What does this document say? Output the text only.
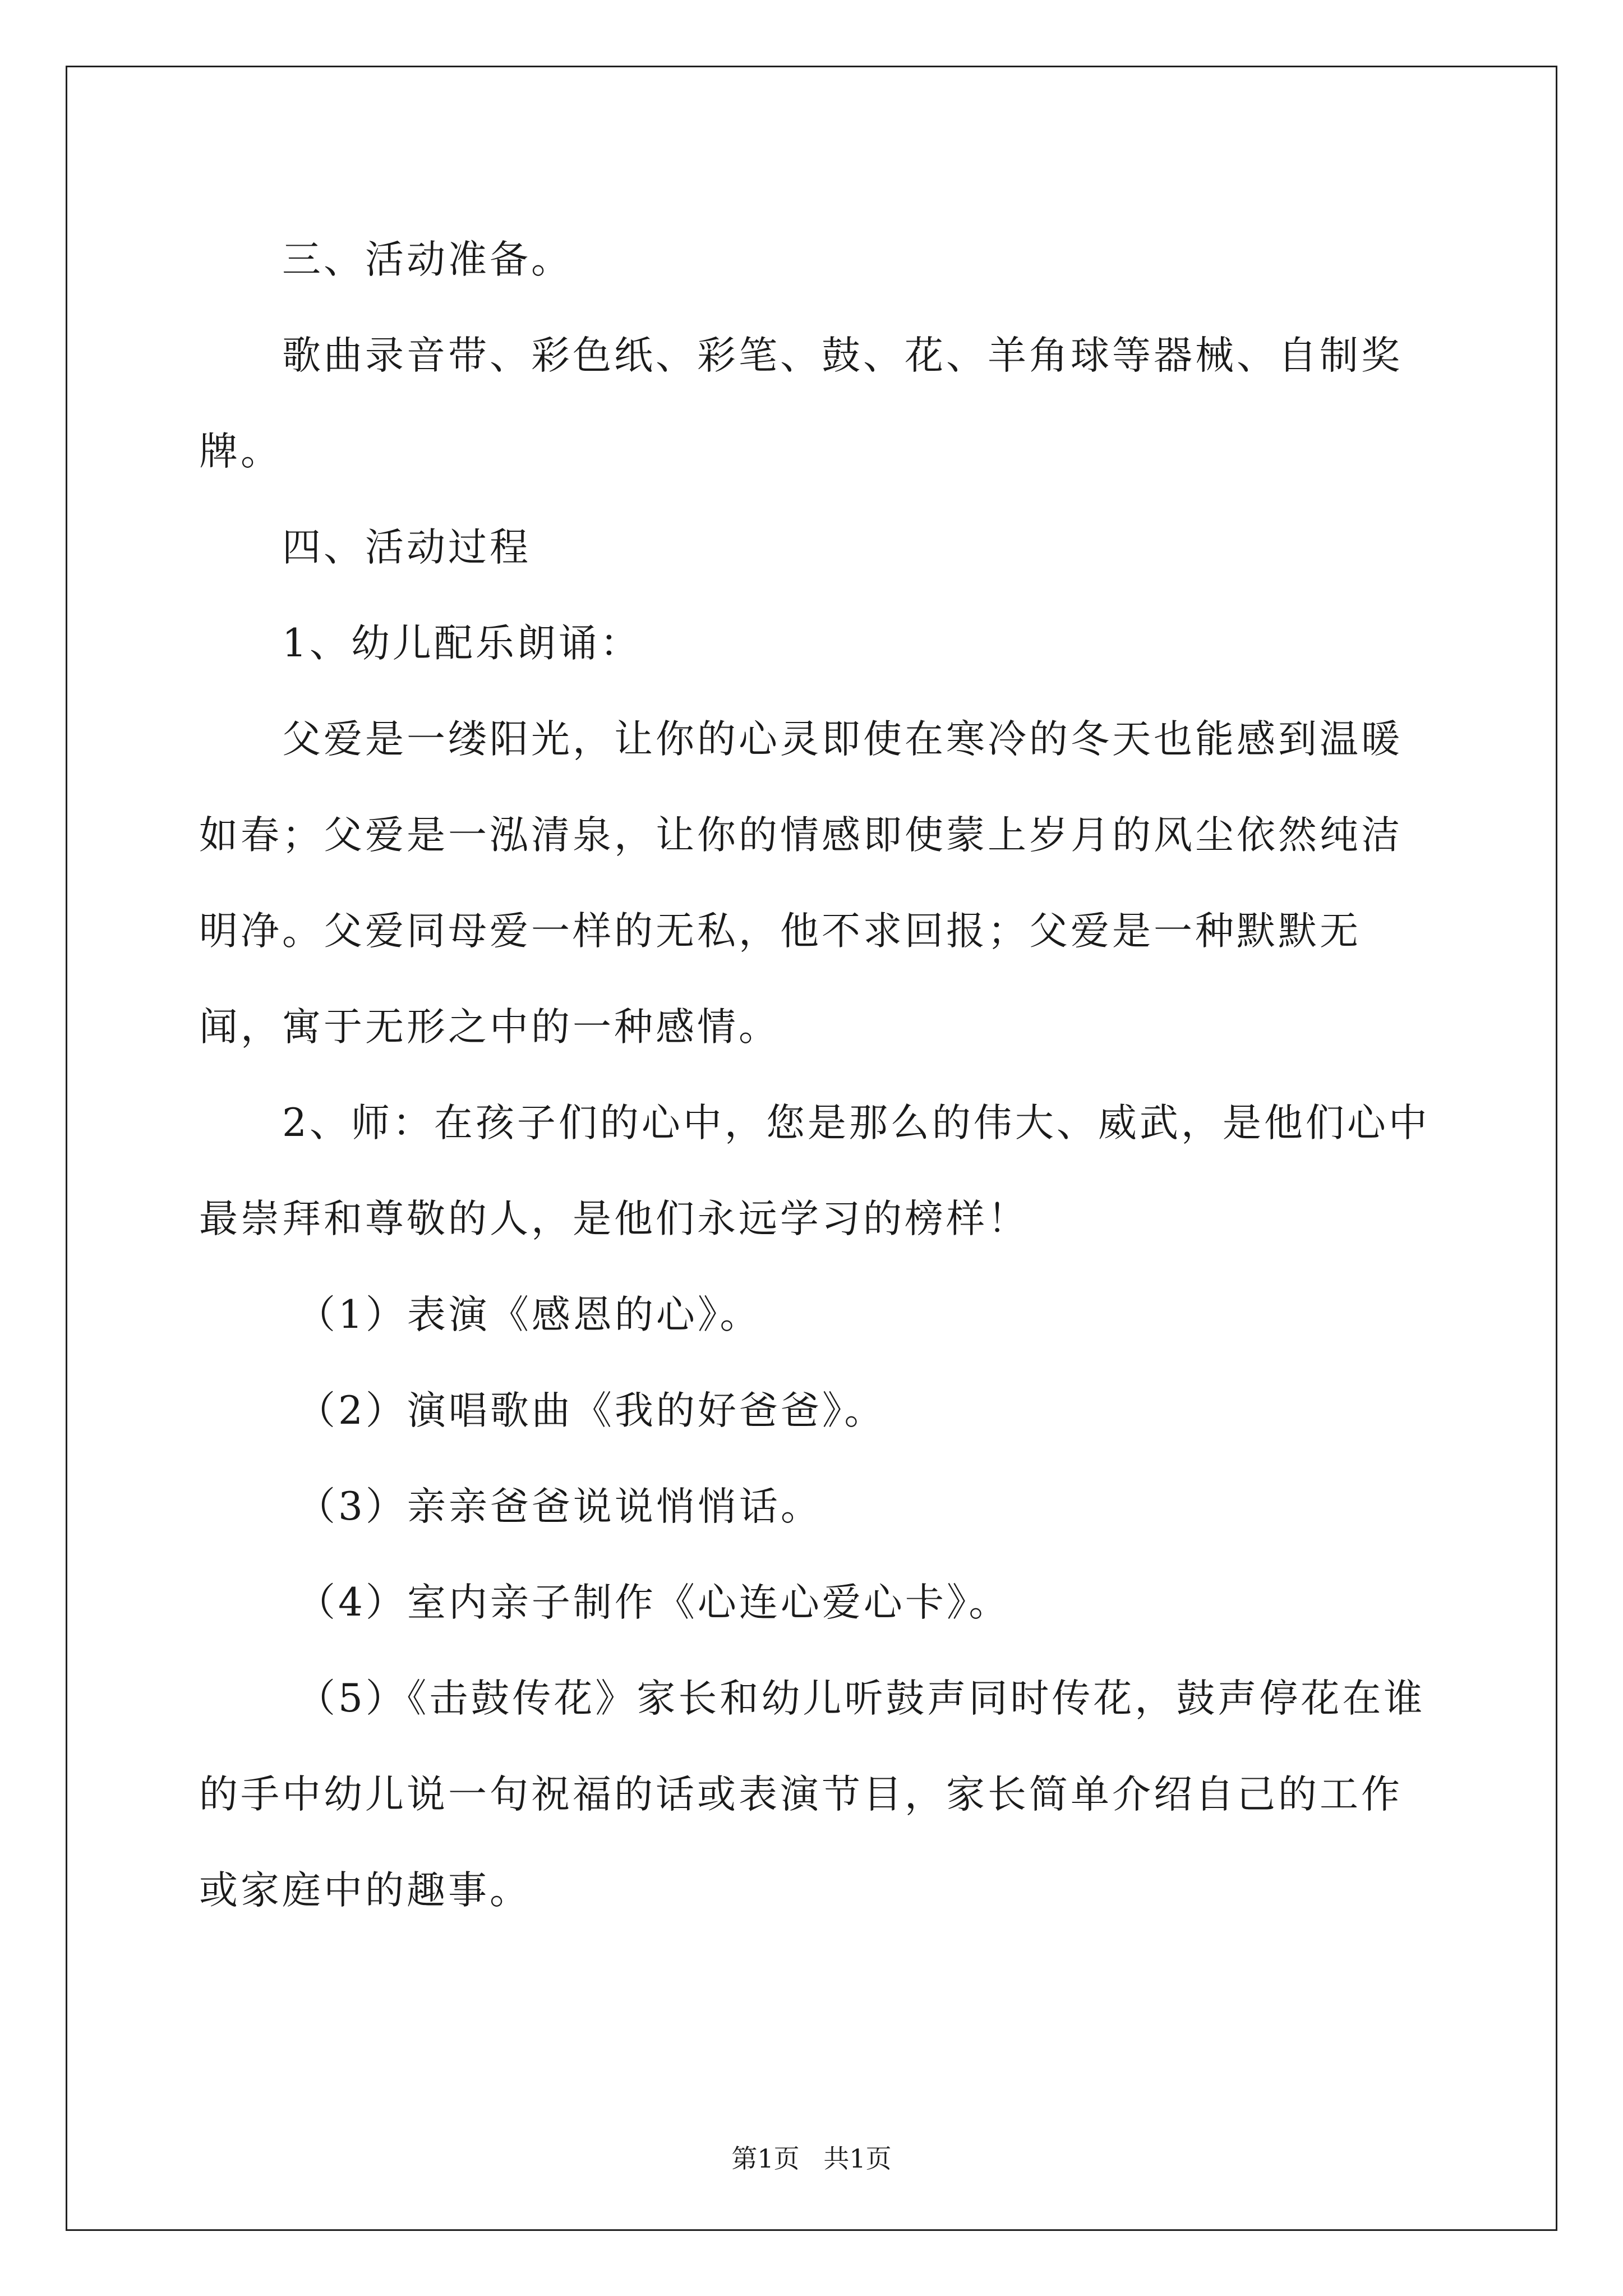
三、活动准备。

歌曲录音带、彩色纸、彩笔、鼓、花、羊角球等器械、自制奖牌。

四、活动过程

1、幼儿配乐朗诵：

父爱是一缕阳光，让你的心灵即使在寒冷的冬天也能感到温暖如春；父爱是一泓清泉，让你的情感即使蒙上岁月的风尘依然纯洁明净。父爱同母爱一样的无私，他不求回报；父爱是一种默默无闻，寓于无形之中的一种感情。

2、师：在孩子们的心中，您是那么的伟大、威武，是他们心中最崇拜和尊敬的人，是他们永远学习的榜样！

（1）表演《感恩的心》。

（2）演唱歌曲《我的好爸爸》。

（3）亲亲爸爸说说悄悄话。

（4）室内亲子制作《心连心爱心卡》。

（5）《击鼓传花》家长和幼儿听鼓声同时传花，鼓声停花在谁的手中幼儿说一句祝福的话或表演节目，家长简单介绍自己的工作或家庭中的趣事。

第1页 共1页
